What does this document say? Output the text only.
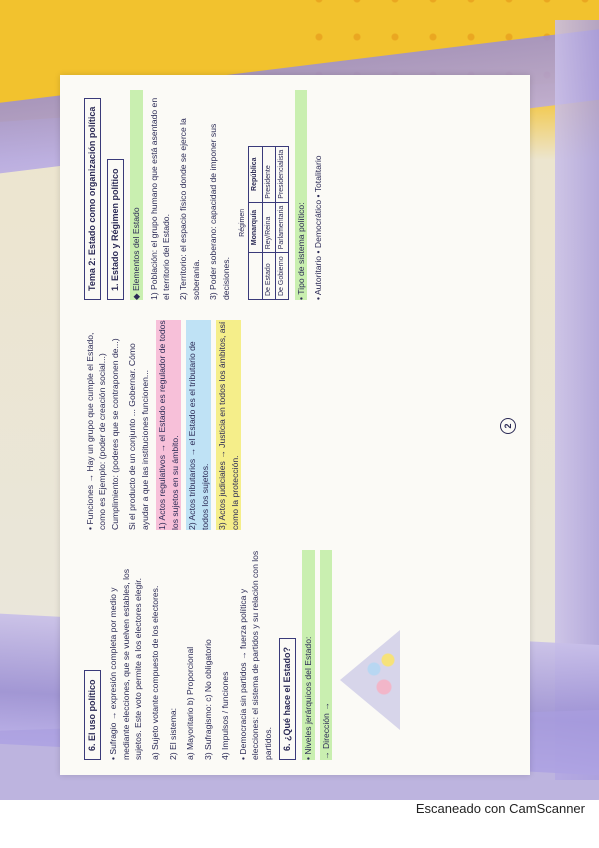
6. El uso político • Sufragio → expresión completa por medio y mediante elecciones, que se vuelven estables, los sujetos. Este voto permite a los electores elegir. a) Sujeto votante compuesto de los electores. 2) El sistema: a) Mayoritario b) Proporcional 3) Sufragismo: c) No obligatorio 4) Impulsos / funciones • Democracia sin partidos → fuerza política y elecciones: el sistema de partidos y su relación con los partidos. 6. ¿Qué hace el Estado? • Niveles jerárquicos del Estado: → Dirección →

• Funciones → Hay un grupo que cumple el Estado, como es Ejemplo: (poder de creación social...) Cumplimiento: (poderes que se contraponen de...) Si el producto de un conjunto ... Gobernar. Cómo ayudar a que las instituciones funcionen... 1) Actos regulativos → el Estado es regulador de todos los sujetos en su ámbito. 2) Actos tributarios → el Estado es el tributario de todos los sujetos. 3) Actos judiciales → Justicia en todos los ámbitos, así como la protección.

Tema 2: Estado como organización política 1. Estado y Régimen político ◆ Elementos del Estado 1) Población: el grupo humano que está asentado en el territorio del Estado. 2) Territorio: el espacio físico donde se ejerce la soberanía. 3) Poder soberano: capacidad de imponer sus decisiones.

Régimen	Monarquía	República
De Estado	Rey/Reina	Presidente
De Gobierno	Parlamentaria	Presidencialista

• Tipo de sistema político: • Autoritario • Democrático • Totalitario

2
Escaneado con CamScanner
